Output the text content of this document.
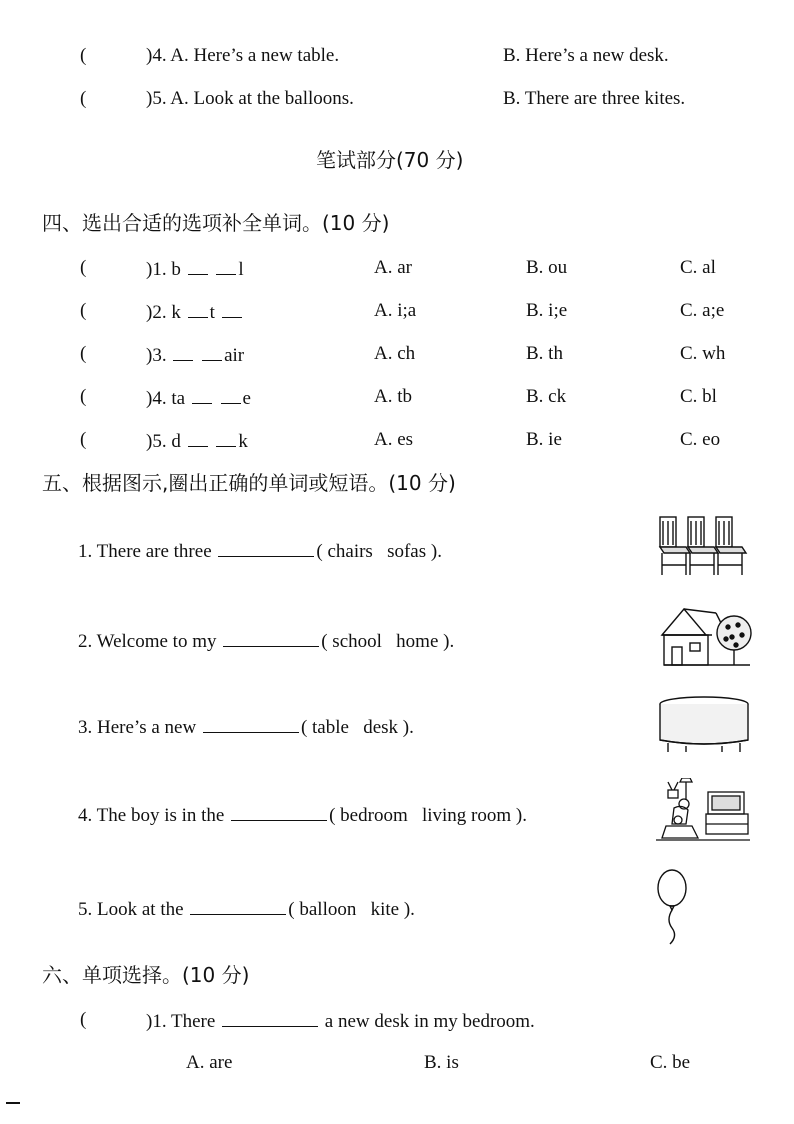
(	)4. A. Here’s a new table.	B. Here’s a new desk.
(	)5. A. Look at the balloons.	B. There are three kites.
笔试部分(70 分)
四、选出合适的选项补全单词。(10 分)
(	)1. b	l	A. ar	B. ou	C. al
(	)2. k t	A. i;a	B. i;e	C. a;e
(	)3.	air	A. ch	B. th	C. wh
(	)4. ta	e	A. tb	B. ck	C. bl
(	)5. d	k	A. es	B. ie	C. eo
五、根据图示,圈出正确的单词或短语。(10 分)
1. There are three	( chairs   sofas ).
2. Welcome to my	( school   home ).
3. Here’s a new	( table   desk ).
4. The boy is in the	( bedroom   living room ).
5. Look at the	( balloon   kite ).
六、单项选择。(10 分)
(	)1. There	a new desk in my bedroom.
A. are	B. is	C. be
